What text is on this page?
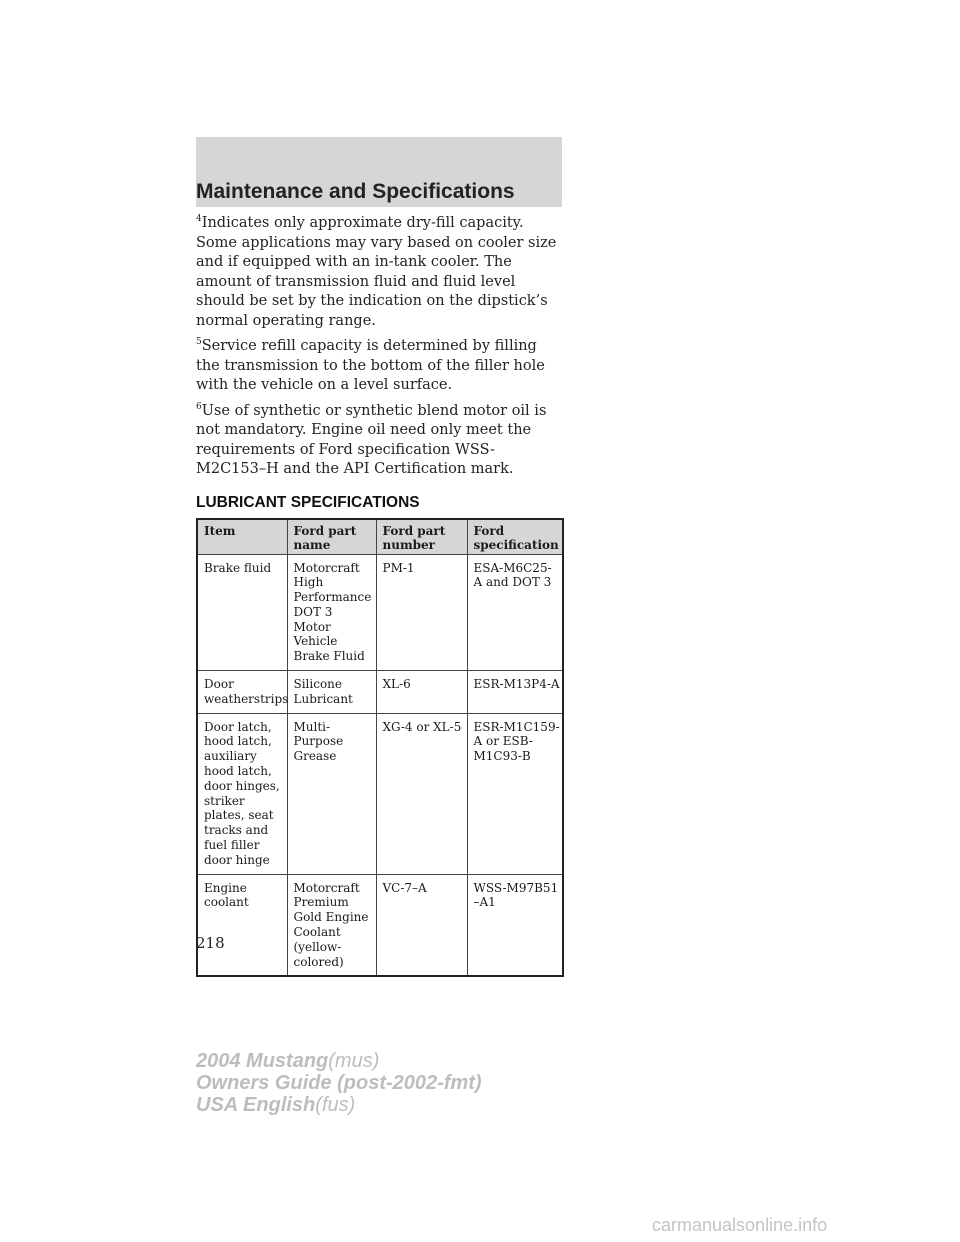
Maintenance and Specifications

$^4$Indicates only approximate dry-fill capacity. Some applications may vary based on cooler size and if equipped with an in-tank cooler. The amount of transmission fluid and fluid level should be set by the indication on the dipstick’s normal operating range.

$^5$Service refill capacity is determined by filling the transmission to the bottom of the filler hole with the vehicle on a level surface.

$^6$Use of synthetic or synthetic blend motor oil is not mandatory. Engine oil need only meet the requirements of Ford specification WSS-M2C153–H and the API Certification mark.

LUBRICANT SPECIFICATIONS
Item	Ford part name	Ford part number	Ford specification
Brake fluid	Motorcraft High Performance DOT 3 Motor Vehicle Brake Fluid	PM-1	ESA-M6C25-A and DOT 3
Door weatherstrips	Silicone Lubricant	XL-6	ESR-M13P4-A
Door latch, hood latch, auxiliary hood latch, door hinges, striker plates, seat tracks and fuel filler door hinge	Multi-Purpose Grease	XG-4 or XL-5	ESR-M1C159-A or ESB-M1C93-B
Engine coolant	Motorcraft Premium Gold Engine Coolant (yellow-colored)	VC-7–A	WSS-M97B51 –A1

218

2004 Mustang(mus)
Owners Guide (post-2002-fmt)
USA English(fus)
carmanualsonline.info
